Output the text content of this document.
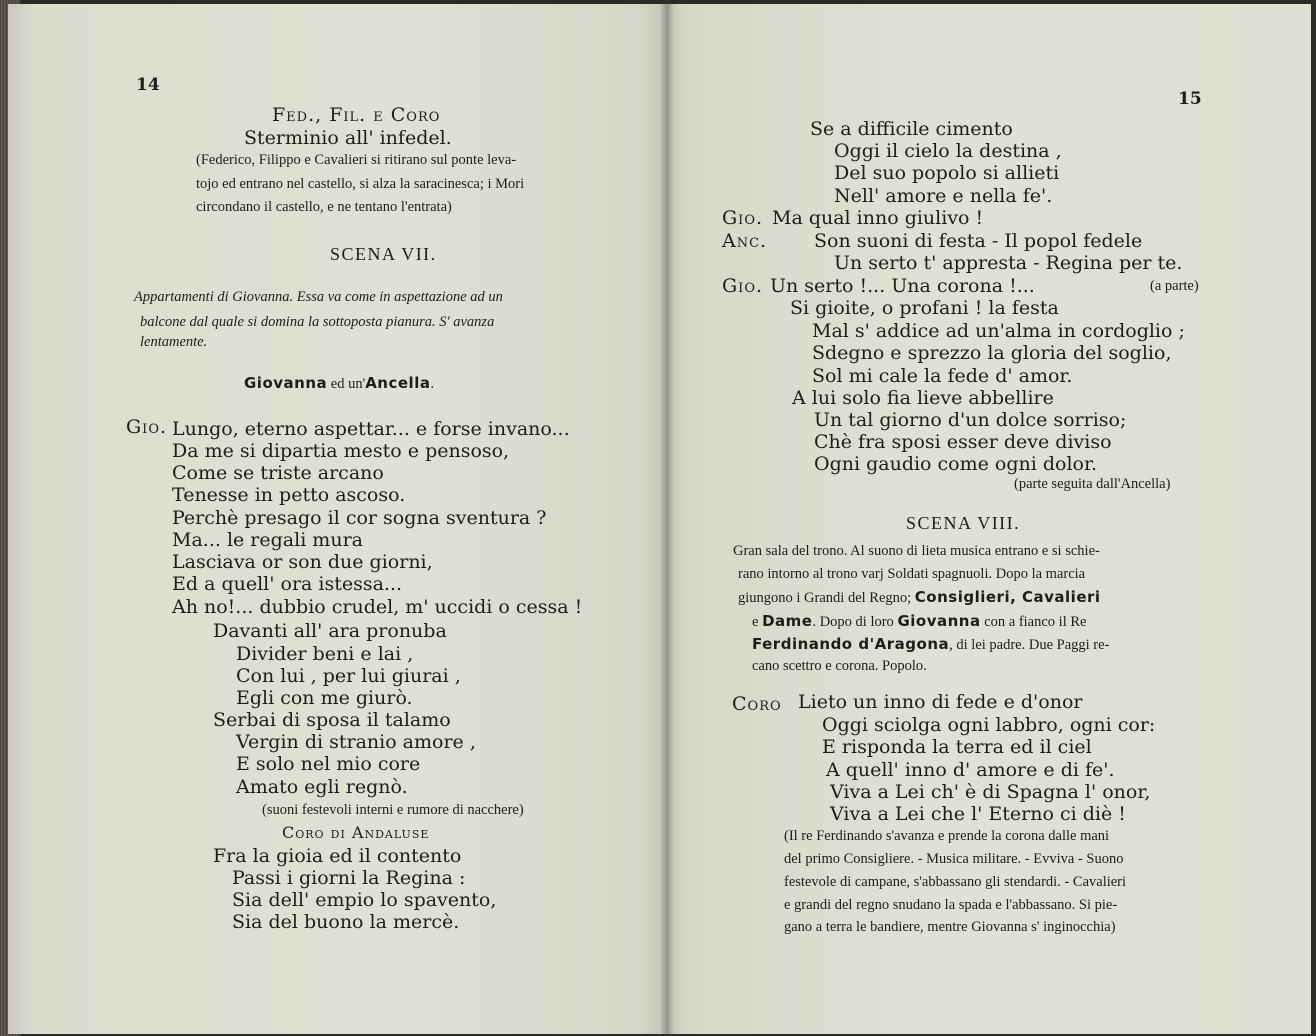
14
Fed., Fil. e Coro
Sterminio all' infedel.
(Federico, Filippo e Cavalieri si ritirano sul ponte leva-
tojo ed entrano nel castello, si alza la saracinesca; i Mori
circondano il castello, e ne tentano l'entrata)
SCENA VII.
Appartamenti di Giovanna. Essa va come in aspettazione ad un
balcone dal quale si domina la sottoposta pianura. S' avanza
lentamente.
Giovanna ed un'Ancella.
Gio. Lungo, eterno aspettar... e forse invano...
Da me si dipartia mesto e pensoso,
Come se triste arcano
Tenesse in petto ascoso.
Perchè presago il cor sogna sventura ?
Ma... le regali mura
Lasciava or son due giorni,
Ed a quell' ora istessa...
Ah no!... dubbio crudel, m' uccidi o cessa !
Davanti all' ara pronuba
Divider beni e lai ,
Con lui , per lui giurai ,
Egli con me giurò.
Serbai di sposa il talamo
Vergin di stranio amore ,
E solo nel mio core
Amato egli regnò.
(suoni festevoli interni e rumore di nacchere)
Coro di Andaluse
Fra la gioia ed il contento
Passi i giorni la Regina :
Sia dell' empio lo spavento,
Sia del buono la mercè.
15
Se a difficile cimento
Oggi il cielo la destina ,
Del suo popolo si allieti
Nell' amore e nella fe'.
Gio. Ma qual inno giulivo !
Anc. Son suoni di festa - Il popol fedele
Un serto t' appresta - Regina per te.
Gio. Un serto !... Una corona !...	(a parte)
Si gioite, o profani ! la festa
Mal s' addice ad un'alma in cordoglio ;
Sdegno e sprezzo la gloria del soglio,
Sol mi cale la fede d' amor.
A lui solo fia lieve abbellire
Un tal giorno d'un dolce sorriso;
Chè fra sposi esser deve diviso
Ogni gaudio come ogni dolor.
(parte seguita dall'Ancella)
SCENA VIII.
Gran sala del trono. Al suono di lieta musica entrano e si schie-
rano intorno al trono varj Soldati spagnuoli. Dopo la marcia
giungono i Grandi del Regno; Consiglieri, Cavalieri
e Dame. Dopo di loro Giovanna con a fianco il Re
Ferdinando d'Aragona, di lei padre. Due Paggi re-
cano scettro e corona. Popolo.
Coro Lieto un inno di fede e d'onor
Oggi sciolga ogni labbro, ogni cor:
E risponda la terra ed il ciel
A quell' inno d' amore e di fe'.
Viva a Lei ch' è di Spagna l' onor,
Viva a Lei che l' Eterno ci diè !
(Il re Ferdinando s'avanza e prende la corona dalle mani
del primo Consigliere. - Musica militare. - Evviva - Suono
festevole di campane, s'abbassano gli stendardi. - Cavalieri
e grandi del regno snudano la spada e l'abbassano. Si pie-
gano a terra le bandiere, mentre Giovanna s' inginocchia)
